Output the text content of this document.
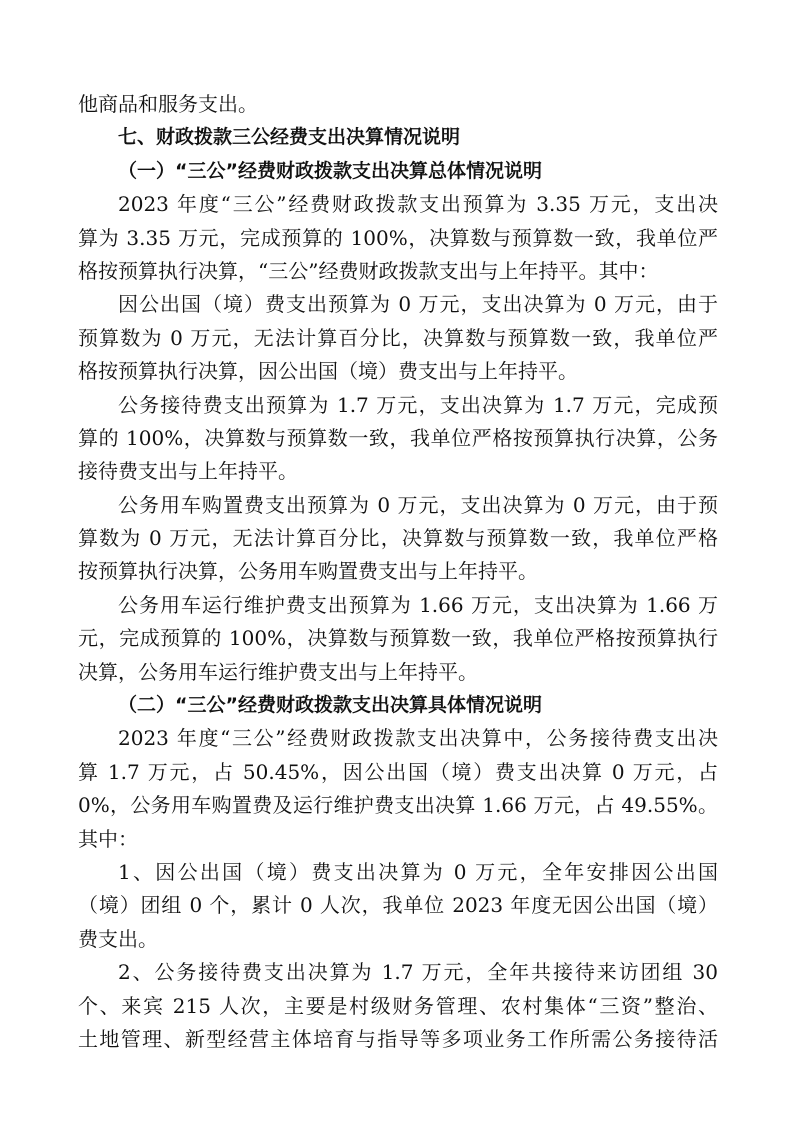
他商品和服务支出。
七、财政拨款三公经费支出决算情况说明
（一）“三公”经费财政拨款支出决算总体情况说明
2023 年度“三公”经费财政拨款支出预算为 3.35 万元，支出决
算为 3.35 万元，完成预算的 100%，决算数与预算数一致，我单位严
格按预算执行决算，“三公”经费财政拨款支出与上年持平。其中：
因公出国（境）费支出预算为 0 万元，支出决算为 0 万元，由于
预算数为 0 万元，无法计算百分比，决算数与预算数一致，我单位严
格按预算执行决算，因公出国（境）费支出与上年持平。
公务接待费支出预算为 1.7 万元，支出决算为 1.7 万元，完成预
算的 100%，决算数与预算数一致，我单位严格按预算执行决算，公务
接待费支出与上年持平。
公务用车购置费支出预算为 0 万元，支出决算为 0 万元，由于预
算数为 0 万元，无法计算百分比，决算数与预算数一致，我单位严格
按预算执行决算，公务用车购置费支出与上年持平。
公务用车运行维护费支出预算为 1.66 万元，支出决算为 1.66 万
元，完成预算的 100%，决算数与预算数一致，我单位严格按预算执行
决算，公务用车运行维护费支出与上年持平。
（二）“三公”经费财政拨款支出决算具体情况说明
2023 年度“三公”经费财政拨款支出决算中，公务接待费支出决
算 1.7 万元，占 50.45%，因公出国（境）费支出决算 0 万元，占
0%，公务用车购置费及运行维护费支出决算 1.66 万元，占 49.55%。
其中：
1、因公出国（境）费支出决算为 0 万元，全年安排因公出国
（境）团组 0 个，累计 0 人次，我单位 2023 年度无因公出国（境）
费支出。
2、公务接待费支出决算为 1.7 万元，全年共接待来访团组 30
个、来宾 215 人次，主要是村级财务管理、农村集体“三资”整治、
土地管理、新型经营主体培育与指导等多项业务工作所需公务接待活
